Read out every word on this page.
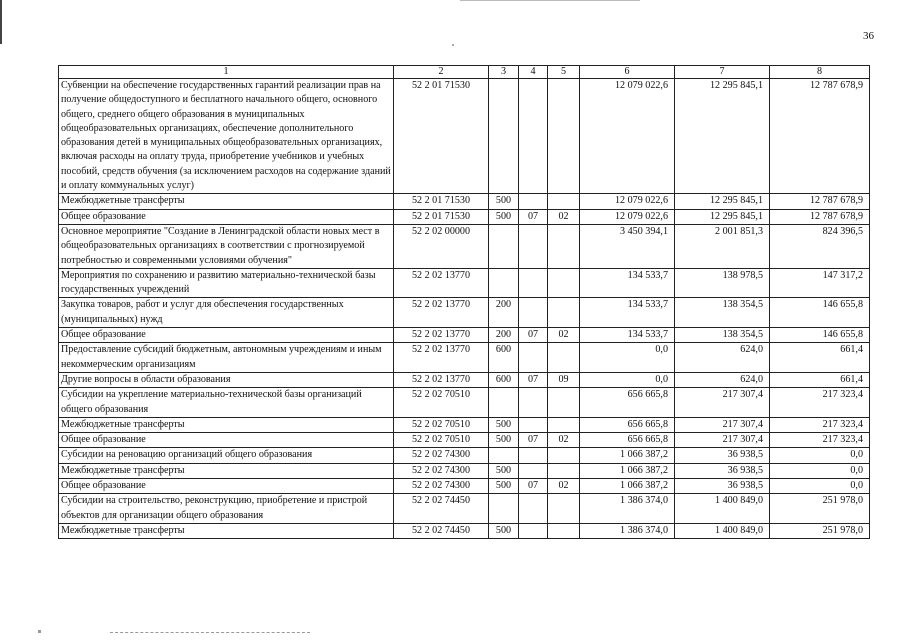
36
1	2	3	4	5	6	7	8
Субвенции на обеспечение государственных гарантий реализации прав на получение общедоступного и бесплатного начального общего, основного общего, среднего общего образования в муниципальных общеобразовательных организациях, обеспечение дополнительного образования детей в муниципальных общеобразовательных организациях, включая расходы на оплату труда, приобретение учебников и учебных пособий, средств обучения (за исключением расходов на содержание зданий и оплату коммунальных услуг)	52 2 01 71530				12 079 022,6	12 295 845,1	12 787 678,9
Межбюджетные трансферты	52 2 01 71530	500			12 079 022,6	12 295 845,1	12 787 678,9
Общее образование	52 2 01 71530	500	07	02	12 079 022,6	12 295 845,1	12 787 678,9
Основное мероприятие "Создание в Ленинградской области новых мест в общеобразовательных организациях в соответствии с прогнозируемой потребностью и современными условиями обучения"	52 2 02 00000				3 450 394,1	2 001 851,3	824 396,5
Мероприятия по сохранению и развитию материально-технической базы государственных учреждений	52 2 02 13770				134 533,7	138 978,5	147 317,2
Закупка товаров, работ и услуг для обеспечения государственных (муниципальных) нужд	52 2 02 13770	200			134 533,7	138 354,5	146 655,8
Общее образование	52 2 02 13770	200	07	02	134 533,7	138 354,5	146 655,8
Предоставление субсидий бюджетным, автономным учреждениям и иным некоммерческим организациям	52 2 02 13770	600			0,0	624,0	661,4
Другие вопросы в области образования	52 2 02 13770	600	07	09	0,0	624,0	661,4
Субсидии на укрепление материально-технической базы организаций общего образования	52 2 02 70510				656 665,8	217 307,4	217 323,4
Межбюджетные трансферты	52 2 02 70510	500			656 665,8	217 307,4	217 323,4
Общее образование	52 2 02 70510	500	07	02	656 665,8	217 307,4	217 323,4
Субсидии на реновацию организаций общего образования	52 2 02 74300				1 066 387,2	36 938,5	0,0
Межбюджетные трансферты	52 2 02 74300	500			1 066 387,2	36 938,5	0,0
Общее образование	52 2 02 74300	500	07	02	1 066 387,2	36 938,5	0,0
Субсидии на строительство, реконструкцию, приобретение и пристрой объектов для организации общего образования	52 2 02 74450				1 386 374,0	1 400 849,0	251 978,0
Межбюджетные трансферты	52 2 02 74450	500			1 386 374,0	1 400 849,0	251 978,0
